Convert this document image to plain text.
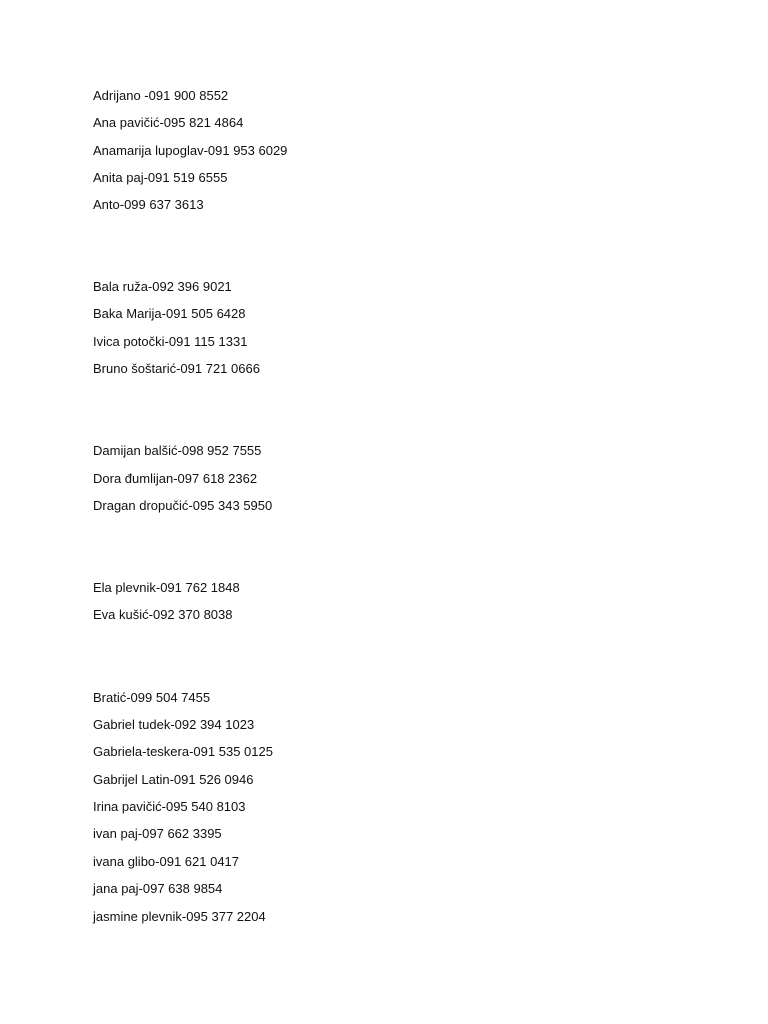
Adrijano -091 900 8552
Ana pavičić-095 821 4864
Anamarija lupoglav-091 953 6029
Anita paj-091 519 6555
Anto-099 637 3613
Bala ruža-092 396 9021
Baka Marija-091 505 6428
Ivica potočki-091 115 1331
Bruno šoštarić-091 721 0666
Damijan balšić-098 952 7555
Dora đumlijan-097 618 2362
Dragan dropučić-095 343 5950
Ela plevnik-091 762 1848
Eva kušić-092 370 8038
Bratić-099 504 7455
Gabriel tudek-092 394 1023
Gabriela-teskera-091 535 0125
Gabrijel Latin-091 526 0946
Irina pavičić-095 540 8103
ivan paj-097 662 3395
ivana glibo-091 621 0417
jana paj-097 638 9854
jasmine plevnik-095 377 2204
